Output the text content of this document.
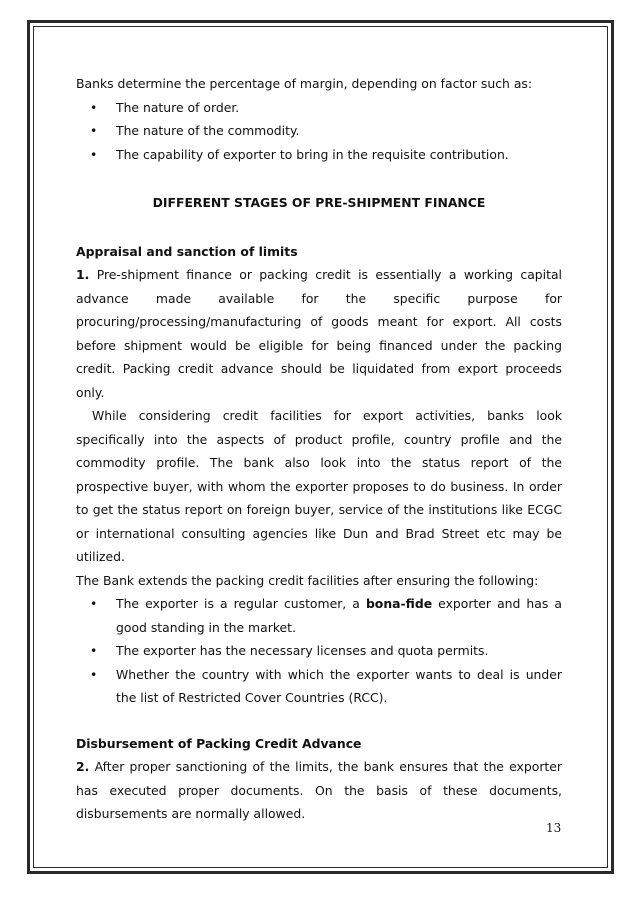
Banks determine the percentage of margin, depending on factor such as:

• The nature of order.
• The nature of the commodity.
• The capability of exporter to bring in the requisite contribution.

DIFFERENT STAGES OF PRE-SHIPMENT FINANCE

Appraisal and sanction of limits

1. Pre-shipment finance or packing credit is essentially a working capital advance made available for the specific purpose for procuring/processing/manufacturing of goods meant for export. All costs before shipment would be eligible for being financed under the packing credit. Packing credit advance should be liquidated from export proceeds only.

While considering credit facilities for export activities, banks look specifically into the aspects of product profile, country profile and the commodity profile. The bank also look into the status report of the prospective buyer, with whom the exporter proposes to do business. In order to get the status report on foreign buyer, service of the institutions like ECGC or international consulting agencies like Dun and Brad Street etc may be utilized.

The Bank extends the packing credit facilities after ensuring the following:

• The exporter is a regular customer, a bona-fide exporter and has a good standing in the market.
• The exporter has the necessary licenses and quota permits.
• Whether the country with which the exporter wants to deal is under the list of Restricted Cover Countries (RCC).

Disbursement of Packing Credit Advance

2. After proper sanctioning of the limits, the bank ensures that the exporter has executed proper documents. On the basis of these documents, disbursements are normally allowed.

13
